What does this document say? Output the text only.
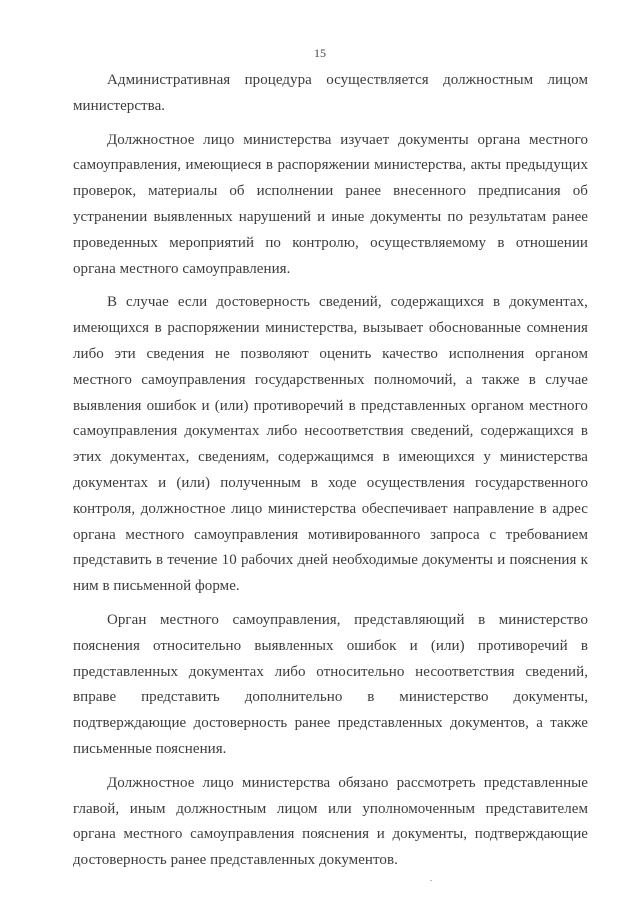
15

Административная процедура осуществляется должностным лицом министерства.

Должностное лицо министерства изучает документы органа местного самоуправления, имеющиеся в распоряжении министерства, акты предыдущих проверок, материалы об исполнении ранее внесенного предписания об устранении выявленных нарушений и иные документы по результатам ранее проведенных мероприятий по контролю, осуществляемому в отношении органа местного самоуправления.

В случае если достоверность сведений, содержащихся в документах, имеющихся в распоряжении министерства, вызывает обоснованные сомнения либо эти сведения не позволяют оценить качество исполнения органом местного самоуправления государственных полномочий, а также в случае выявления ошибок и (или) противоречий в представленных органом местного самоуправления документах либо несоответствия сведений, содержащихся в этих документах, сведениям, содержащимся в имеющихся у министерства документах и (или) полученным в ходе осуществления государственного контроля, должностное лицо министерства обеспечивает направление в адрес органа местного самоуправления мотивированного запроса с требованием представить в течение 10 рабочих дней необходимые документы и пояснения к ним в письменной форме.

Орган местного самоуправления, представляющий в министерство пояснения относительно выявленных ошибок и (или) противоречий в представленных документах либо относительно несоответствия сведений, вправе представить дополнительно в министерство документы, подтверждающие достоверность ранее представленных документов, а также письменные пояснения.

Должностное лицо министерства обязано рассмотреть представленные главой, иным должностным лицом или уполномоченным представителем органа местного самоуправления пояснения и документы, подтверждающие достоверность ранее представленных документов.
